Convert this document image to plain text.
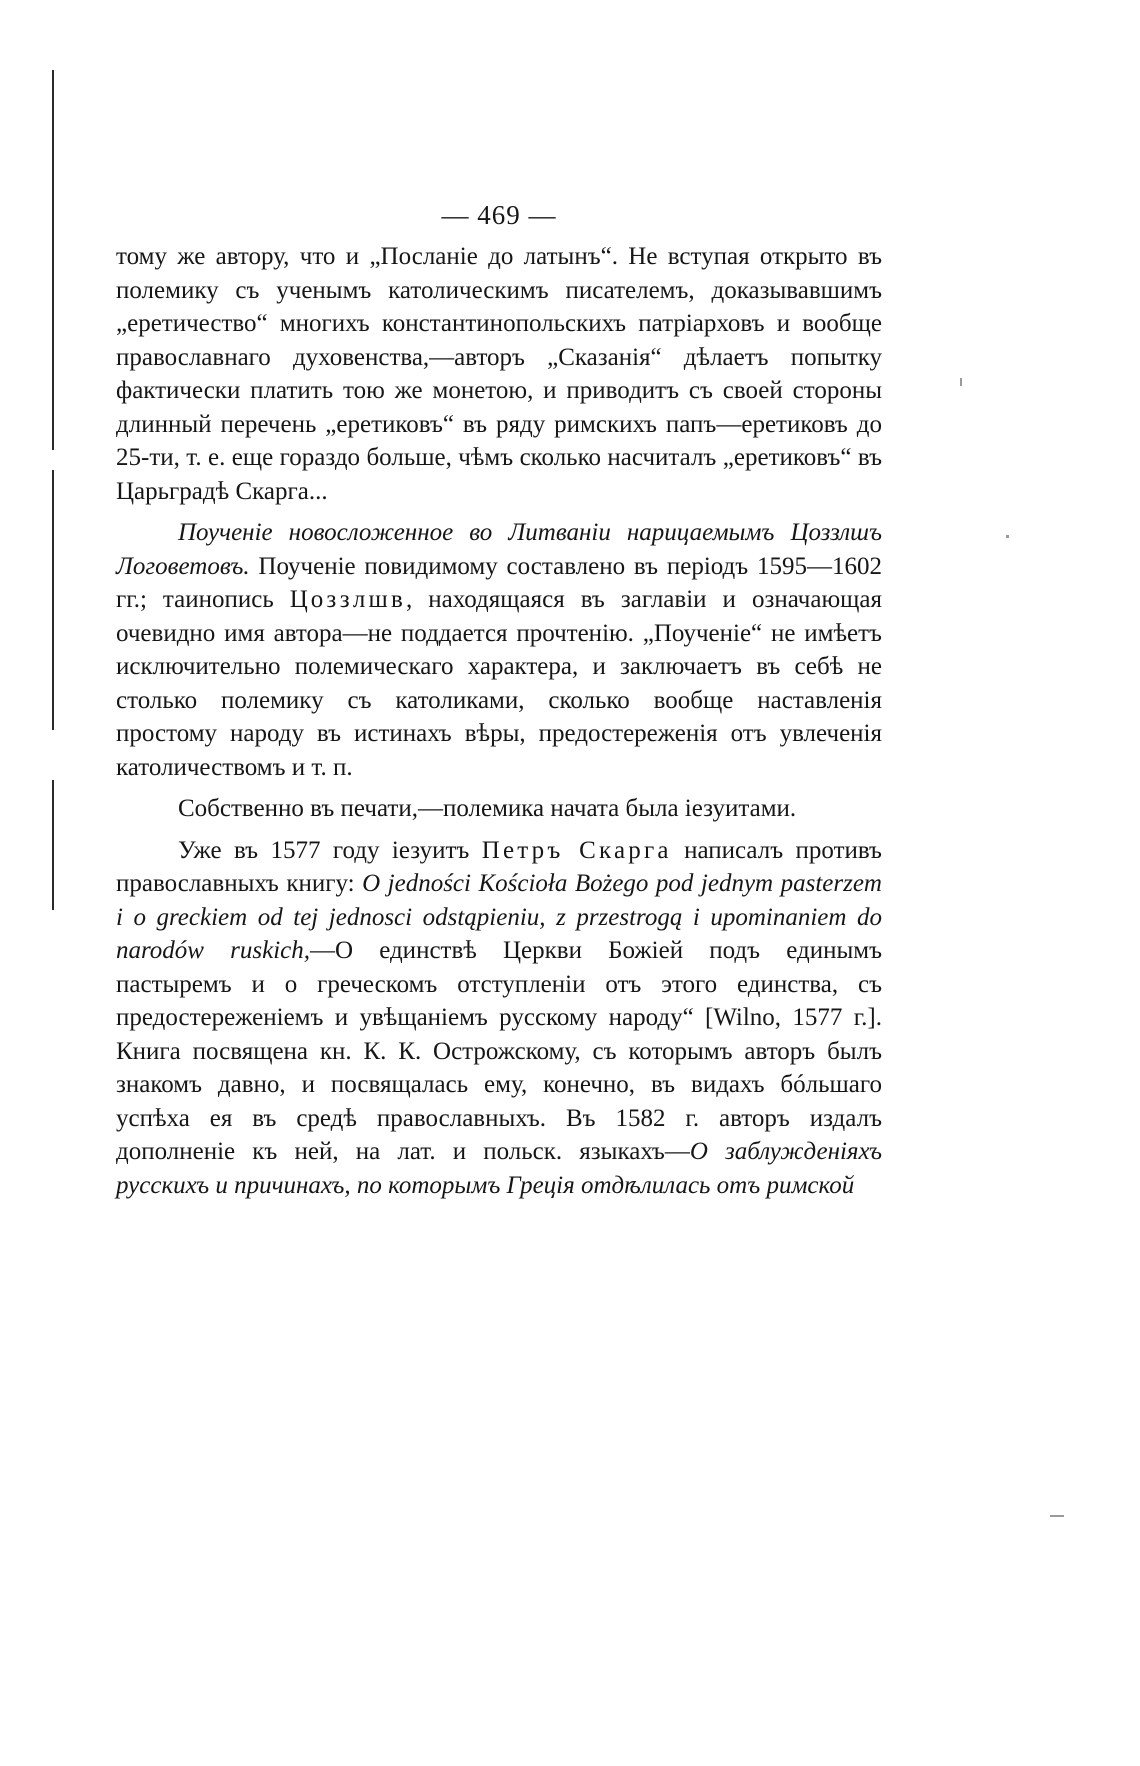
— 469 —

тому же автору, что и „Посланіе до латынъ“. Не вступая открыто въ полемику съ ученымъ католическимъ писателемъ, доказывавшимъ „еретичество“ многихъ константинопольскихъ патріарховъ и вообще православнаго духовенства,—авторъ „Сказанія“ дѣлаетъ попытку фактически платить тою же монетою, и приводитъ съ своей стороны длинный перечень „еретиковъ“ въ ряду римскихъ папъ—еретиковъ до 25-ти, т. е. еще гораздо больше, чѣмъ сколько насчиталъ „еретиковъ“ въ Царьградѣ Скарга...

Поученіе новосложенное во Литваніи нарицаемымъ Цоззлшъ Логоветовъ. Поученіе повидимому составлено въ періодъ 1595—1602 гг.; таинопись Цоззлшв, находящаяся въ заглавіи и означающая очевидно имя автора—не поддается прочтенію. „Поученіе“ не имѣетъ исключительно полемическаго характера, и заключаетъ въ себѣ не столько полемику съ католиками, сколько вообще наставленія простому народу въ истинахъ вѣры, предостереженія отъ увлеченія католичествомъ и т. п.

Собственно въ печати,—полемика начата была іезуитами.

Уже въ 1577 году іезуитъ Петръ Скарга написалъ противъ православныхъ книгу: O jedności Kościoła Bożego pod jednym pasterzem i o greckiem od tej jednosci odstąpieniu, z przestrogą i upominaniem do narodów ruskich,—О единствѣ Церкви Божіей подъ единымъ пастыремъ и о греческомъ отступленіи отъ этого единства, съ предостереженіемъ и увѣщаніемъ русскому народу“ [Wilno, 1577 г.]. Книга посвящена кн. К. К. Острожскому, съ которымъ авторъ былъ знакомъ давно, и посвящалась ему, конечно, въ видахъ бóльшаго успѣха ея въ средѣ православныхъ. Въ 1582 г. авторъ издалъ дополненіе къ ней, на лат. и польск. языкахъ—О заблужденіяхъ русскихъ и причинахъ, по которымъ Греція отдѣлилась отъ римской
